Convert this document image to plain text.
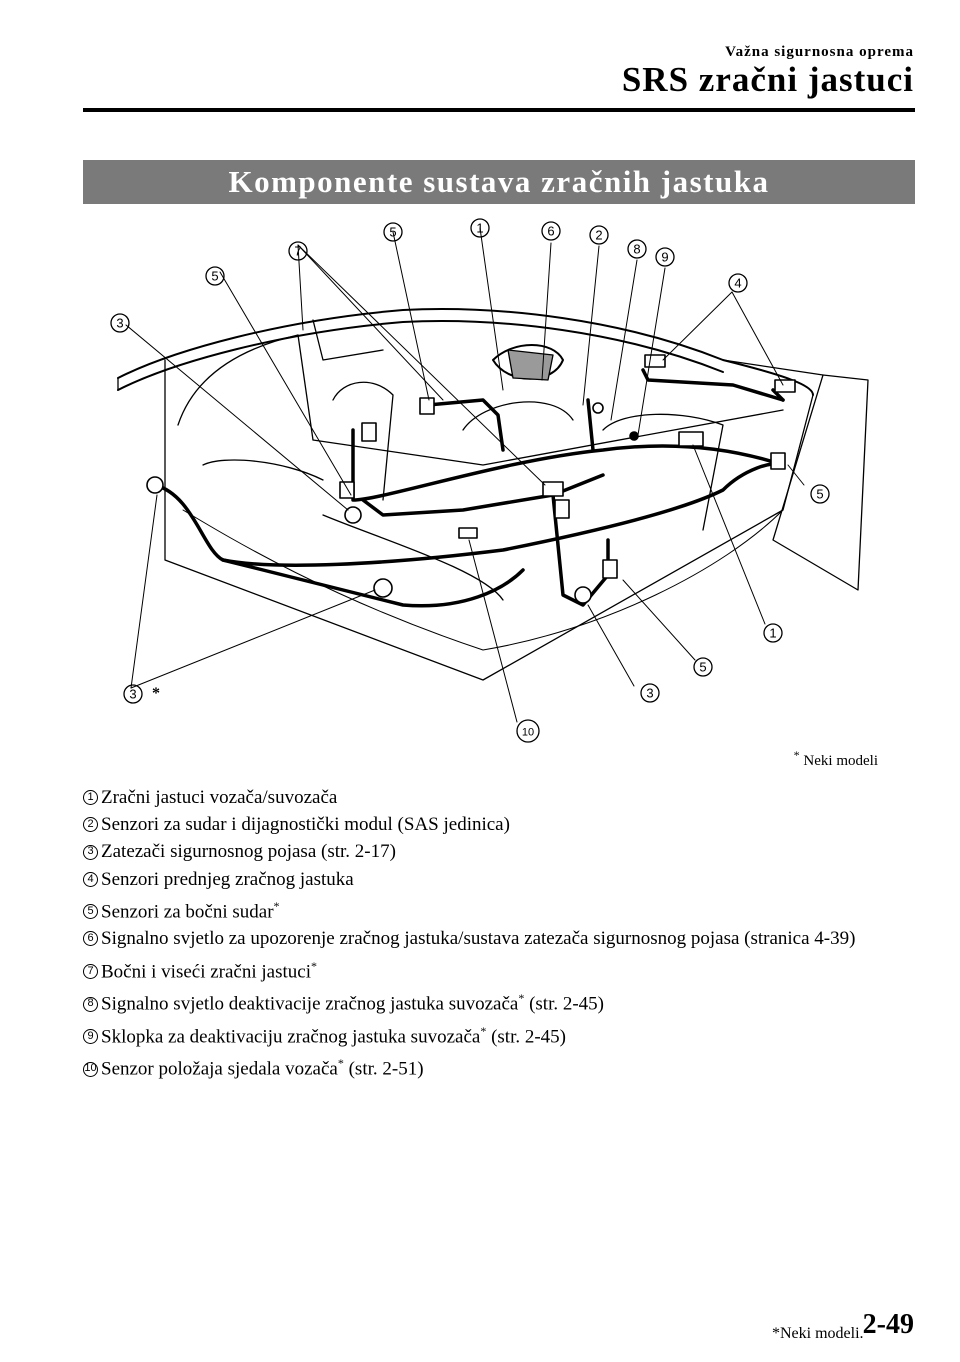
Važna sigurnosna oprema
SRS zračni jastuci
Komponente sustava zračnih jastuka
5	1	6	2
8
9
7
5	4
3
5
1
5
3
3
10
*
* Neki modeli
1 Zračni jastuci vozača/suvozača
2 Senzori za sudar i dijagnostički modul (SAS jedinica)
3 Zatezači sigurnosnog pojasa (str. 2-17)
4 Senzori prednjeg zračnog jastuka
5 Senzori za bočni sudar*
6 Signalno svjetlo za upozorenje zračnog jastuka/sustava zatezača sigurnosnog pojasa (stranica 4-39)
7 Bočni i viseći zračni jastuci*
8 Signalno svjetlo deaktivacije zračnog jastuka suvozača* (str. 2-45)
9 Sklopka za deaktivaciju zračnog jastuka suvozača* (str. 2-45)
10 Senzor položaja sjedala vozača* (str. 2-51)
*Neki modeli. 2-49
